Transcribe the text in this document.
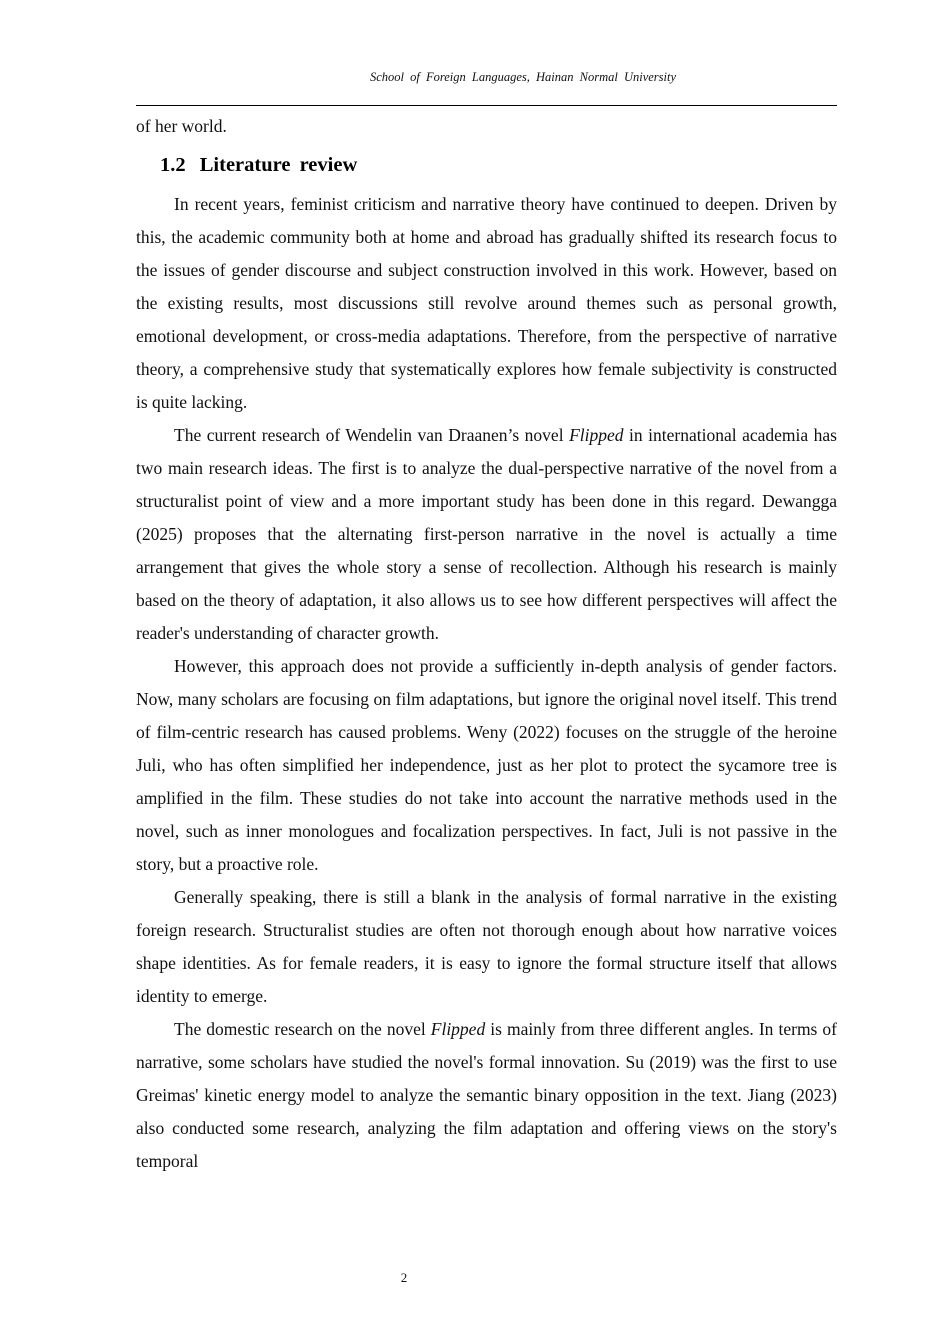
School of Foreign Languages, Hainan Normal University

of her world.

1.2 Literature review

In recent years, feminist criticism and narrative theory have continued to deepen. Driven by this, the academic community both at home and abroad has gradually shifted its research focus to the issues of gender discourse and subject construction involved in this work. However, based on the existing results, most discussions still revolve around themes such as personal growth, emotional development, or cross-media adaptations. Therefore, from the perspective of narrative theory, a comprehensive study that systematically explores how female subjectivity is constructed is quite lacking.

The current research of Wendelin van Draanen’s novel Flipped in international academia has two main research ideas. The first is to analyze the dual-perspective narrative of the novel from a structuralist point of view and a more important study has been done in this regard. Dewangga (2025) proposes that the alternating first-person narrative in the novel is actually a time arrangement that gives the whole story a sense of recollection. Although his research is mainly based on the theory of adaptation, it also allows us to see how different perspectives will affect the reader's understanding of character growth.

However, this approach does not provide a sufficiently in-depth analysis of gender factors. Now, many scholars are focusing on film adaptations, but ignore the original novel itself. This trend of film-centric research has caused problems. Weny (2022) focuses on the struggle of the heroine Juli, who has often simplified her independence, just as her plot to protect the sycamore tree is amplified in the film. These studies do not take into account the narrative methods used in the novel, such as inner monologues and focalization perspectives. In fact, Juli is not passive in the story, but a proactive role.

Generally speaking, there is still a blank in the analysis of formal narrative in the existing foreign research. Structuralist studies are often not thorough enough about how narrative voices shape identities. As for female readers, it is easy to ignore the formal structure itself that allows identity to emerge.

The domestic research on the novel Flipped is mainly from three different angles. In terms of narrative, some scholars have studied the novel's formal innovation. Su (2019) was the first to use Greimas' kinetic energy model to analyze the semantic binary opposition in the text. Jiang (2023) also conducted some research, analyzing the film adaptation and offering views on the story's temporal

2
